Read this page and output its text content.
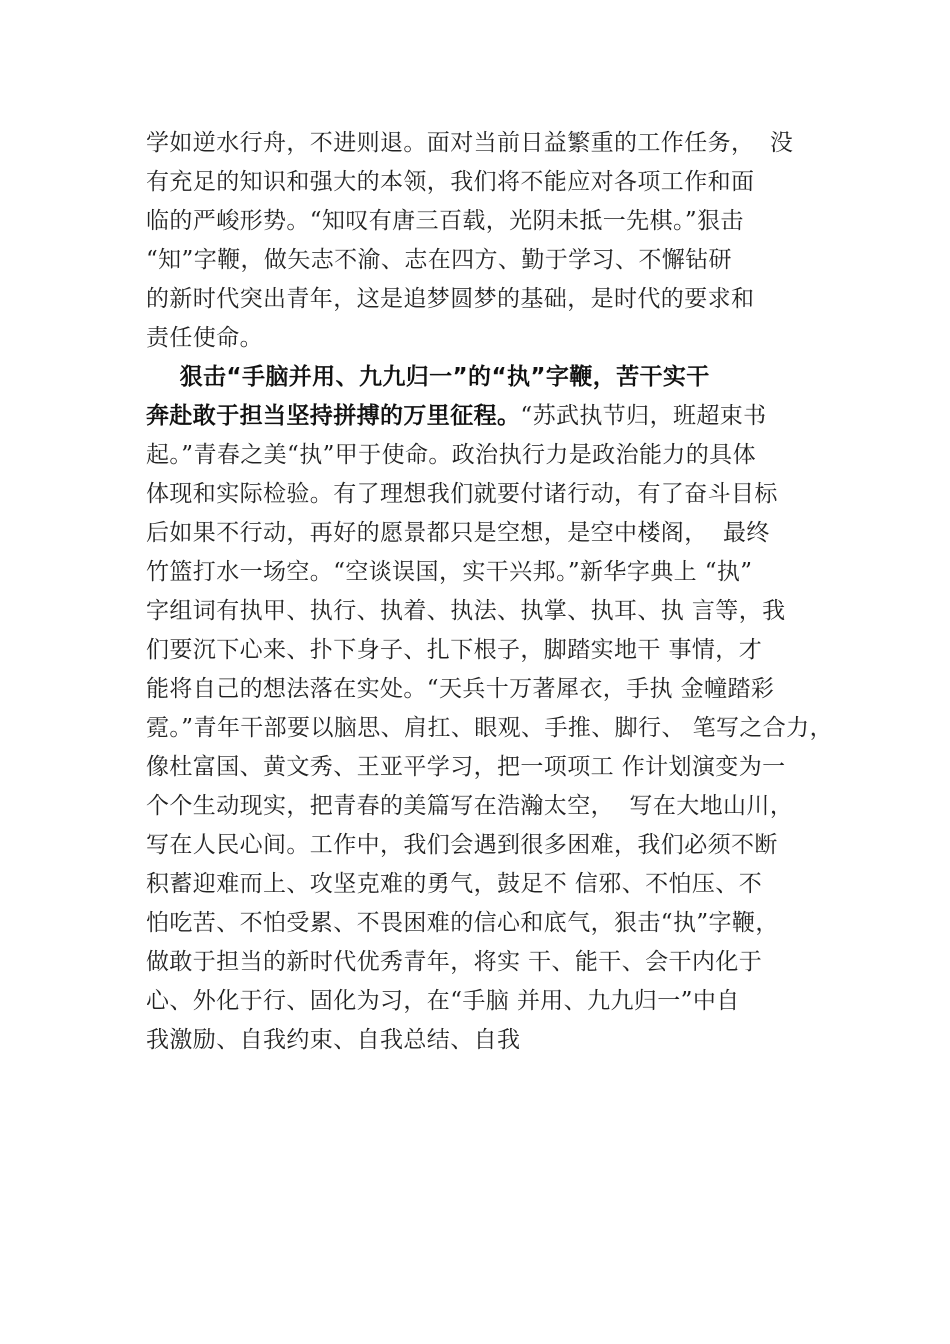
学如逆水行舟，不进则退。面对当前日益繁重的工作任务，  没
有充足的知识和强大的本领，我们将不能应对各项工作和面
临的严峻形势。“知叹有唐三百载，光阴未抵一先棋。”狠击
“知”字鞭，做矢志不渝、志在四方、勤于学习、不懈钻研
的新时代突出青年，这是追梦圆梦的基础，是时代的要求和
责任使命。
狠击“手脑并用、九九归一”的“执”字鞭，苦干实干
奔赴敢于担当坚持拼搏的万里征程。“苏武执节归，班超束书
起。”青春之美“执”甲于使命。政治执行力是政治能力的具体
体现和实际检验。有了理想我们就要付诸行动，有了奋斗目标
后如果不行动，再好的愿景都只是空想，是空中楼阁，  最终
竹篮打水一场空。“空谈误国，实干兴邦。”新华字典上 “执”
字组词有执甲、执行、执着、执法、执掌、执耳、执 言等，我
们要沉下心来、扑下身子、扎下根子，脚踏实地干 事情，才
能将自己的想法落在实处。“天兵十万著犀衣，手执 金幢踏彩
霓。”青年干部要以脑思、肩扛、眼观、手推、脚行、 笔写之合力，
像杜富国、黄文秀、王亚平学习，把一项项工 作计划演变为一
个个生动现实，把青春的美篇写在浩瀚太空，  写在大地山川，
写在人民心间。工作中，我们会遇到很多困难，我们必须不断
积蓄迎难而上、攻坚克难的勇气，鼓足不 信邪、不怕压、不
怕吃苦、不怕受累、不畏困难的信心和底气，狠击“执”字鞭，
做敢于担当的新时代优秀青年，将实 干、能干、会干内化于
心、外化于行、固化为习，在“手脑 并用、九九归一”中自
我激励、自我约束、自我总结、自我
